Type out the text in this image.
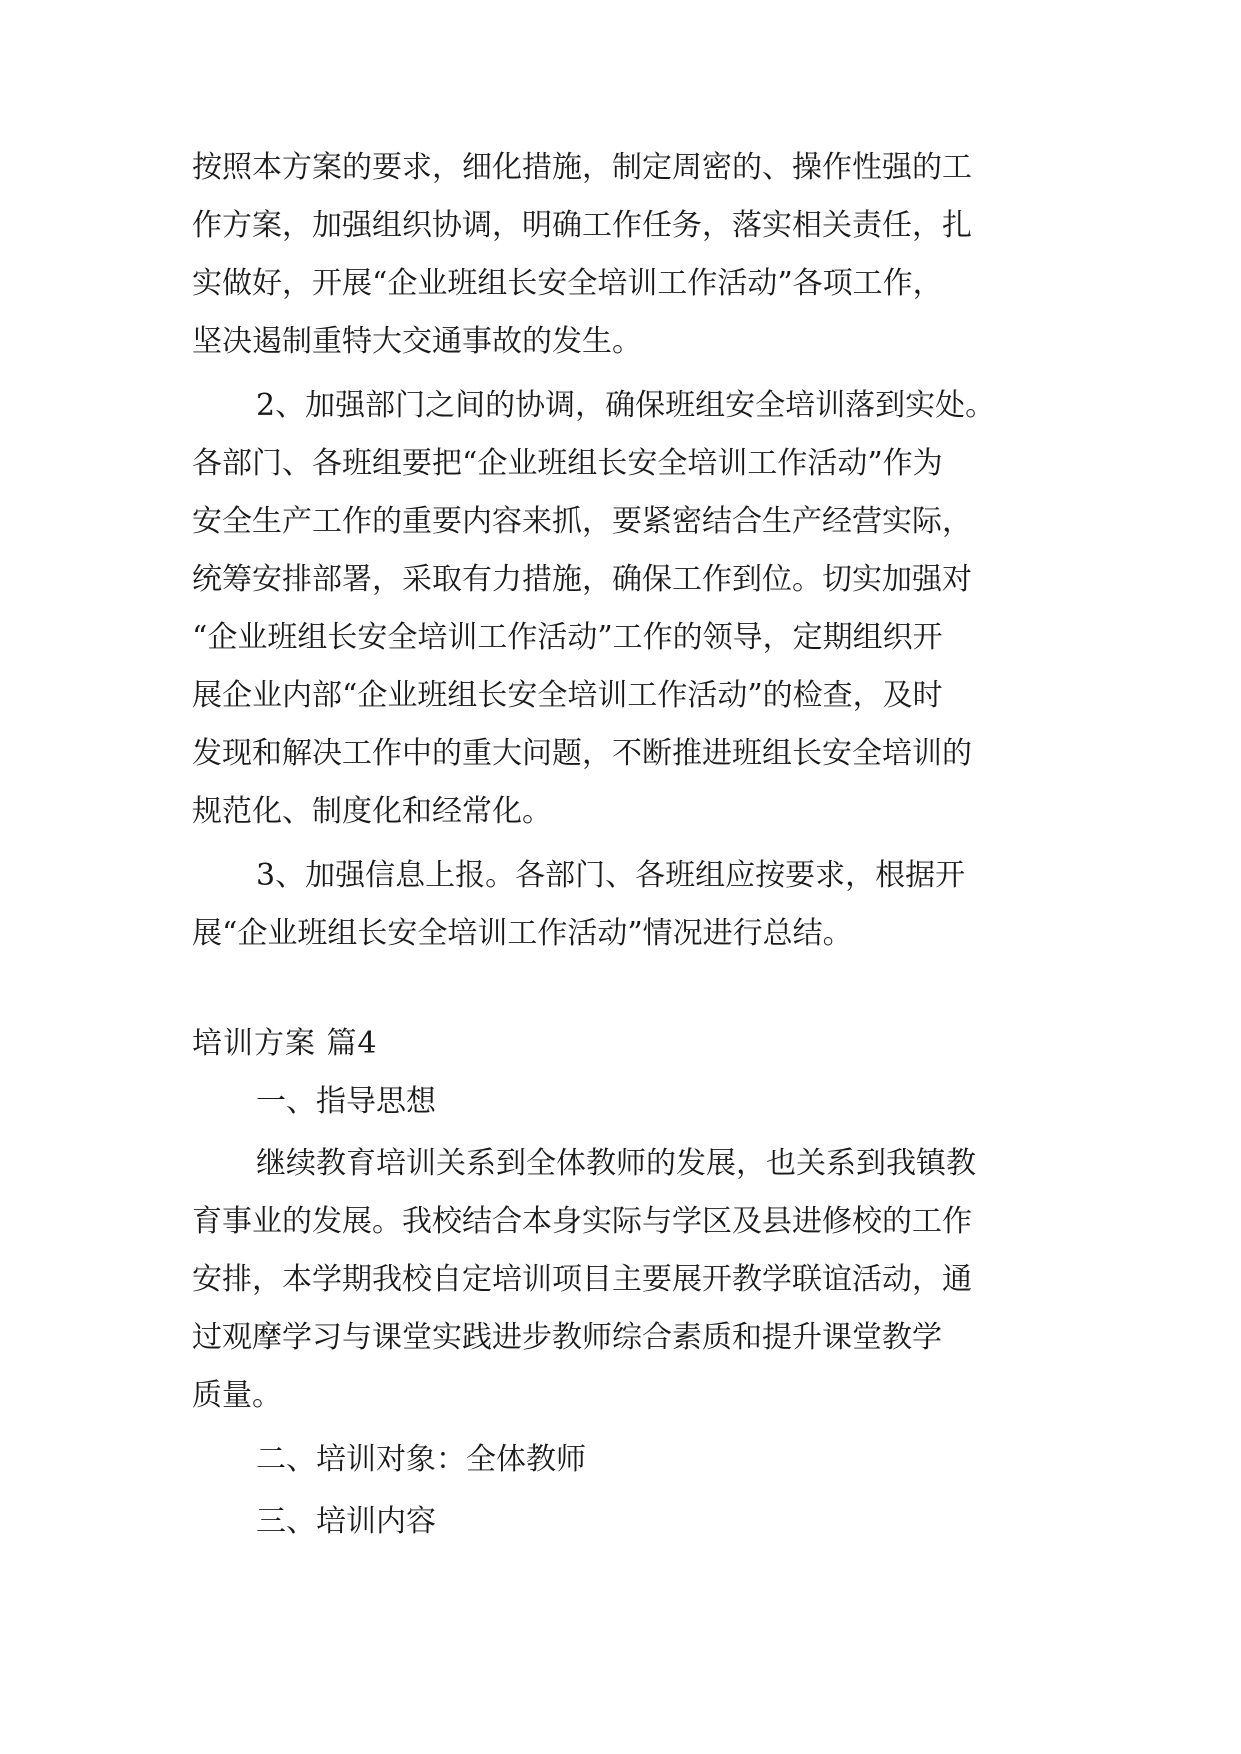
按照本方案的要求，细化措施，制定周密的、操作性强的工

作方案，加强组织协调，明确工作任务，落实相关责任，扎

实做好，开展“企业班组长安全培训工作活动”各项工作，

坚决遏制重特大交通事故的发生。

2、加强部门之间的协调，确保班组安全培训落到实处。

各部门、各班组要把“企业班组长安全培训工作活动”作为

安全生产工作的重要内容来抓，要紧密结合生产经营实际，

统筹安排部署，采取有力措施，确保工作到位。切实加强对

“企业班组长安全培训工作活动”工作的领导，定期组织开

展企业内部“企业班组长安全培训工作活动”的检查，及时

发现和解决工作中的重大问题，不断推进班组长安全培训的

规范化、制度化和经常化。

3、加强信息上报。各部门、各班组应按要求，根据开

展“企业班组长安全培训工作活动”情况进行总结。

培训方案 篇4

一、指导思想

继续教育培训关系到全体教师的发展，也关系到我镇教

育事业的发展。我校结合本身实际与学区及县进修校的工作

安排，本学期我校自定培训项目主要展开教学联谊活动，通

过观摩学习与课堂实践进步教师综合素质和提升课堂教学

质量。

二、培训对象：全体教师

三、培训内容
